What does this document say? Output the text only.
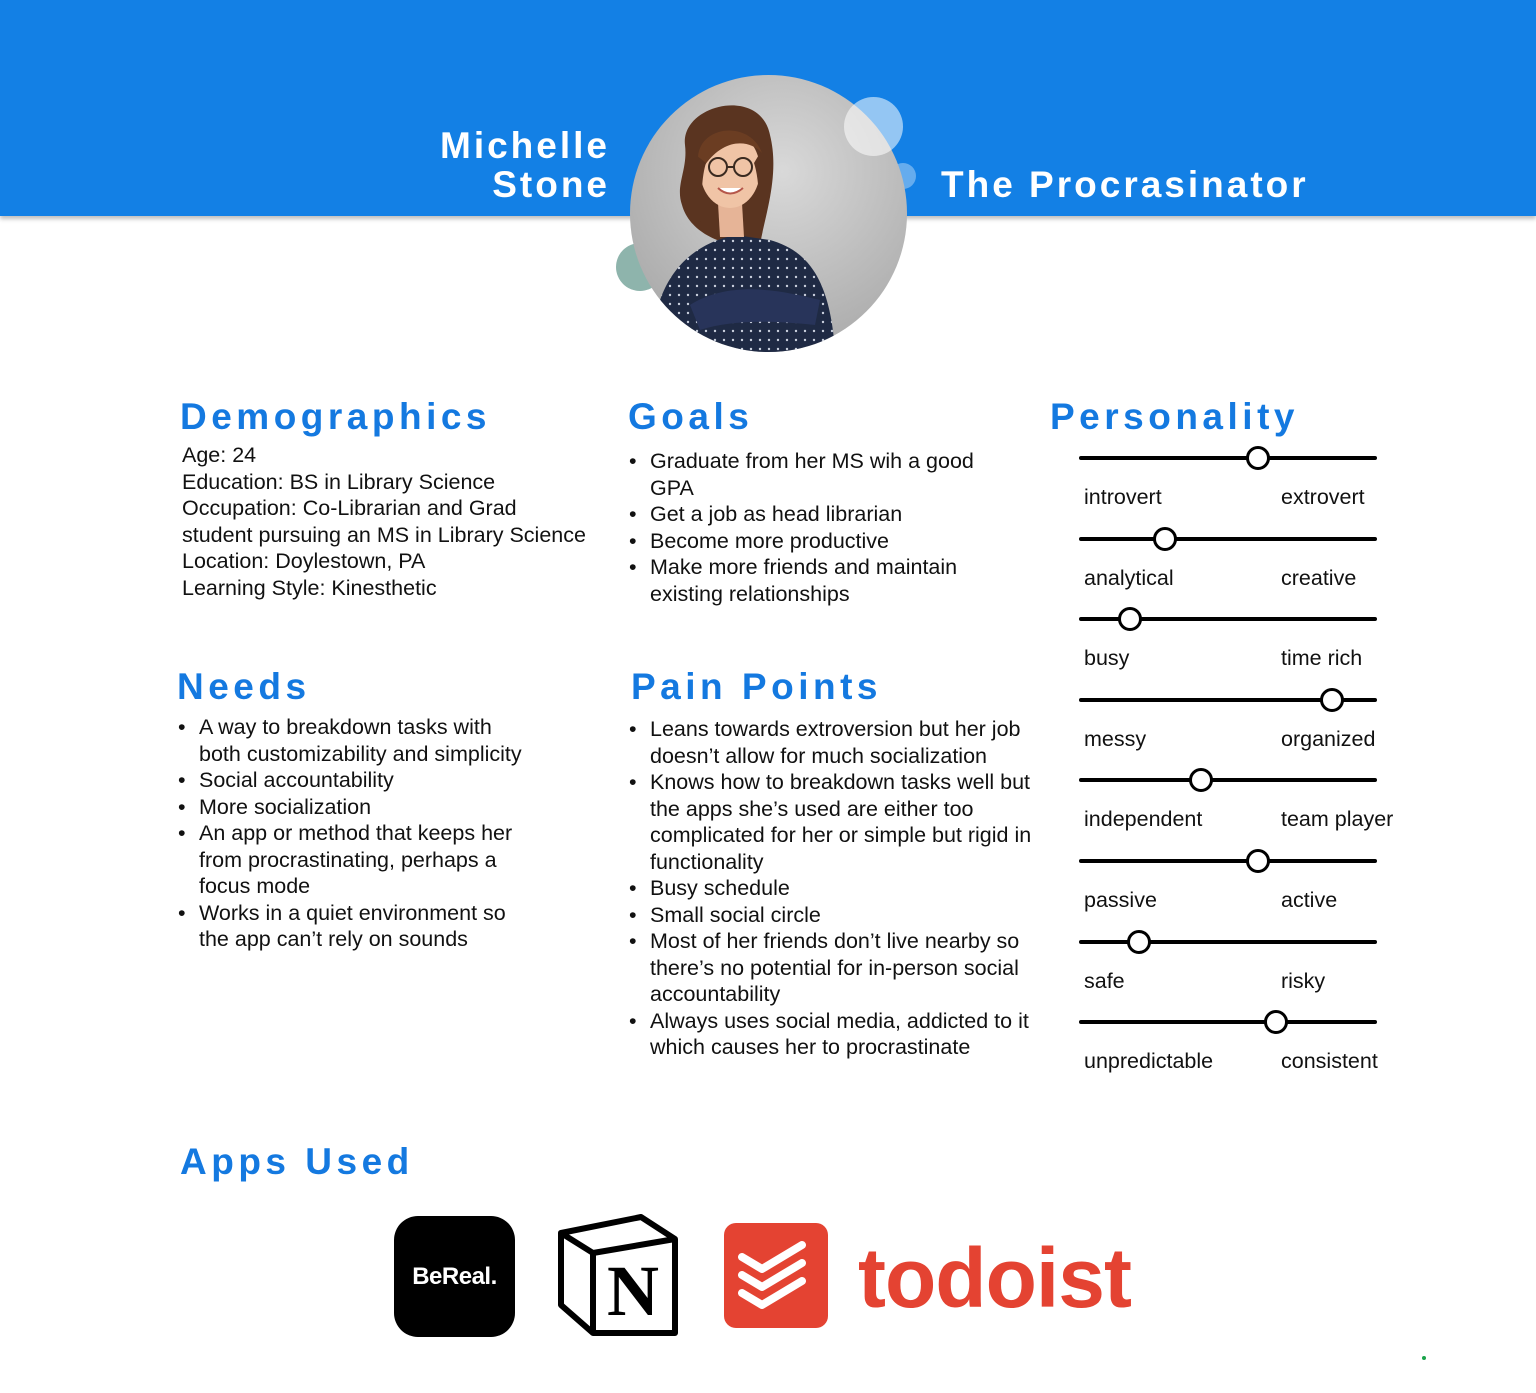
Michelle
Stone	The Procrasinator
Demographics
Age: 24
Education: BS in Library Science
Occupation: Co-Librarian and Grad
student pursuing an MS in Library Science
Location: Doylestown, PA
Learning Style: Kinesthetic
Goals
• Graduate from her MS wih a good GPA
• Get a job as head librarian
• Become more productive
• Make more friends and maintain existing relationships
Needs
• A way to breakdown tasks with both customizability and simplicity
• Social accountability
• More socialization
• An app or method that keeps her from procrastinating, perhaps a focus mode
• Works in a quiet environment so the app can’t rely on sounds
Pain Points
• Leans towards extroversion but her job doesn’t allow for much socialization
• Knows how to breakdown tasks well but the apps she’s used are either too complicated for her or simple but rigid in functionality
• Busy schedule
• Small social circle
• Most of her friends don’t live nearby so there’s no potential for in-person social accountability
• Always uses social media, addicted to it which causes her to procrastinate
Personality
introvert	extrovert
analytical	creative
busy	time rich
messy	organized
independent	team player
passive	active
safe	risky
unpredictable	consistent
Apps Used
BeReal. N todoist
